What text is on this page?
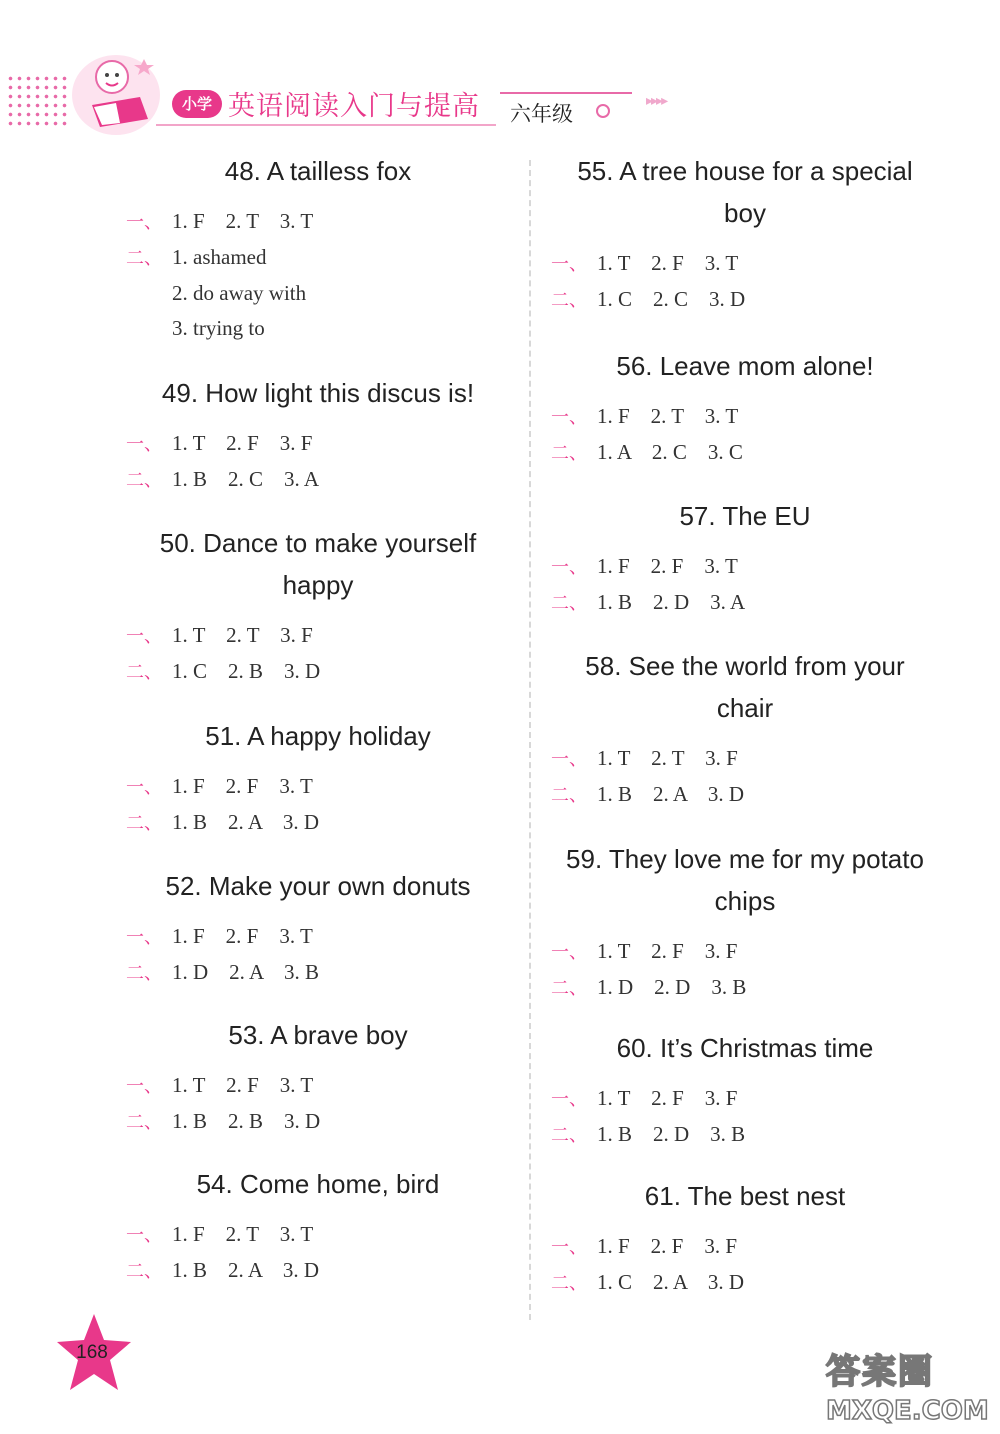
小学 英语阅读入门与提高 六年级
▸▸▸▸
48. A tailless fox
一、 1. F    2. T    3. T
二、 1. ashamed
2. do away with
3. trying to
49. How light this discus is!
一、 1. T    2. F    3. F
二、 1. B    2. C    3. A
50. Dance to make yourself happy
一、 1. T    2. T    3. F
二、 1. C    2. B    3. D
51. A happy holiday
一、 1. F    2. F    3. T
二、 1. B    2. A    3. D
52. Make your own donuts
一、 1. F    2. F    3. T
二、 1. D    2. A    3. B
53. A brave boy
一、 1. T    2. F    3. T
二、 1. B    2. B    3. D
54. Come home, bird
一、 1. F    2. T    3. T
二、 1. B    2. A    3. D
55. A tree house for a special boy
一、 1. T    2. F    3. T
二、 1. C    2. C    3. D
56. Leave mom alone!
一、 1. F    2. T    3. T
二、 1. A    2. C    3. C
57. The EU
一、 1. F    2. F    3. T
二、 1. B    2. D    3. A
58. See the world from your chair
一、 1. T    2. T    3. F
二、 1. B    2. A    3. D
59. They love me for my potato chips
一、 1. T    2. F    3. F
二、 1. D    2. D    3. B
60. It’s Christmas time
一、 1. T    2. F    3. F
二、 1. B    2. D    3. B
61. The best nest
一、 1. F    2. F    3. F
二、 1. C    2. A    3. D
168	答案圈
MXQE.COM
